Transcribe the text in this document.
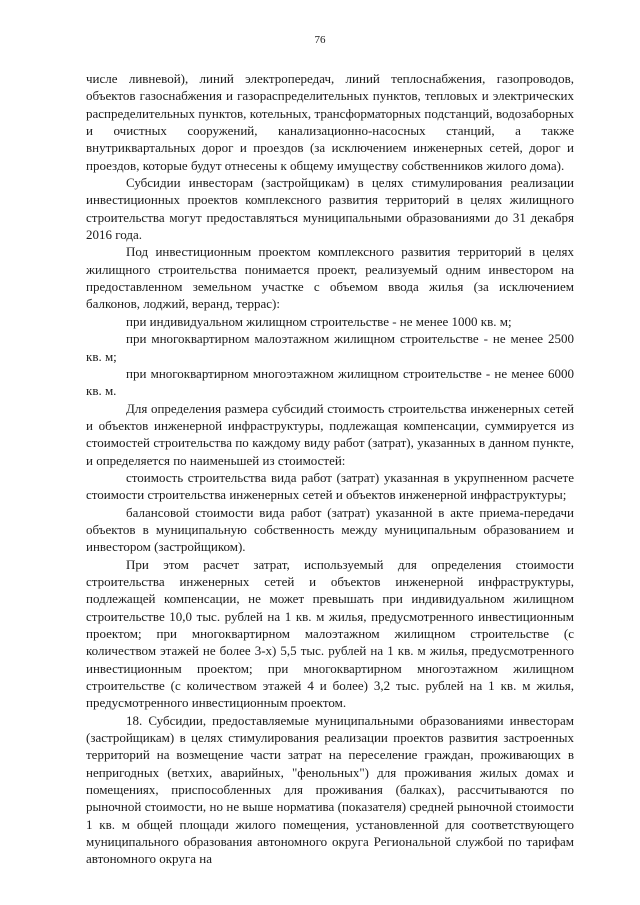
76

числе ливневой), линий электропередач, линий теплоснабжения, газопроводов, объектов газоснабжения и газораспределительных пунктов, тепловых и электрических распределительных пунктов, котельных, трансформаторных подстанций, водозаборных и очистных сооружений, канализационно-насосных станций, а также внутриквартальных дорог и проездов (за исключением инженерных сетей, дорог и проездов, которые будут отнесены к общему имуществу собственников жилого дома).

Субсидии инвесторам (застройщикам) в целях стимулирования реализации инвестиционных проектов комплексного развития территорий в целях жилищного строительства могут предоставляться муниципальными образованиями до 31 декабря 2016 года.

Под инвестиционным проектом комплексного развития территорий в целях жилищного строительства понимается проект, реализуемый одним инвестором на предоставленном земельном участке с объемом ввода жилья (за исключением балконов, лоджий, веранд, террас):

при индивидуальном жилищном строительстве - не менее 1000 кв. м;

при многоквартирном малоэтажном жилищном строительстве - не менее 2500 кв. м;

при многоквартирном многоэтажном жилищном строительстве - не менее 6000 кв. м.

Для определения размера субсидий стоимость строительства инженерных сетей и объектов инженерной инфраструктуры, подлежащая компенсации, суммируется из стоимостей строительства по каждому виду работ (затрат), указанных в данном пункте, и определяется по наименьшей из стоимостей:

стоимость строительства вида работ (затрат) указанная в укрупненном расчете стоимости строительства инженерных сетей и объектов инженерной инфраструктуры;

балансовой стоимости вида работ (затрат) указанной в акте приема-передачи объектов в муниципальную собственность между муниципальным образованием и инвестором (застройщиком).

При этом расчет затрат, используемый для определения стоимости строительства инженерных сетей и объектов инженерной инфраструктуры, подлежащей компенсации, не может превышать при индивидуальном жилищном строительстве 10,0 тыс. рублей на 1 кв. м жилья, предусмотренного инвестиционным проектом; при многоквартирном малоэтажном жилищном строительстве (с количеством этажей не более 3-х) 5,5 тыс. рублей на 1 кв. м жилья, предусмотренного инвестиционным проектом; при многоквартирном многоэтажном жилищном строительстве (с количеством этажей 4 и более) 3,2 тыс. рублей на 1 кв. м жилья, предусмотренного инвестиционным проектом.

18. Субсидии, предоставляемые муниципальными образованиями инвесторам (застройщикам) в целях стимулирования реализации проектов развития застроенных территорий на возмещение части затрат на переселение граждан, проживающих в непригодных (ветхих, аварийных, "фенольных") для проживания жилых домах и помещениях, приспособленных для проживания (балках), рассчитываются по рыночной стоимости, но не выше норматива (показателя) средней рыночной стоимости 1 кв. м общей площади жилого помещения, установленной для соответствующего муниципального образования автономного округа Региональной службой по тарифам автономного округа на
